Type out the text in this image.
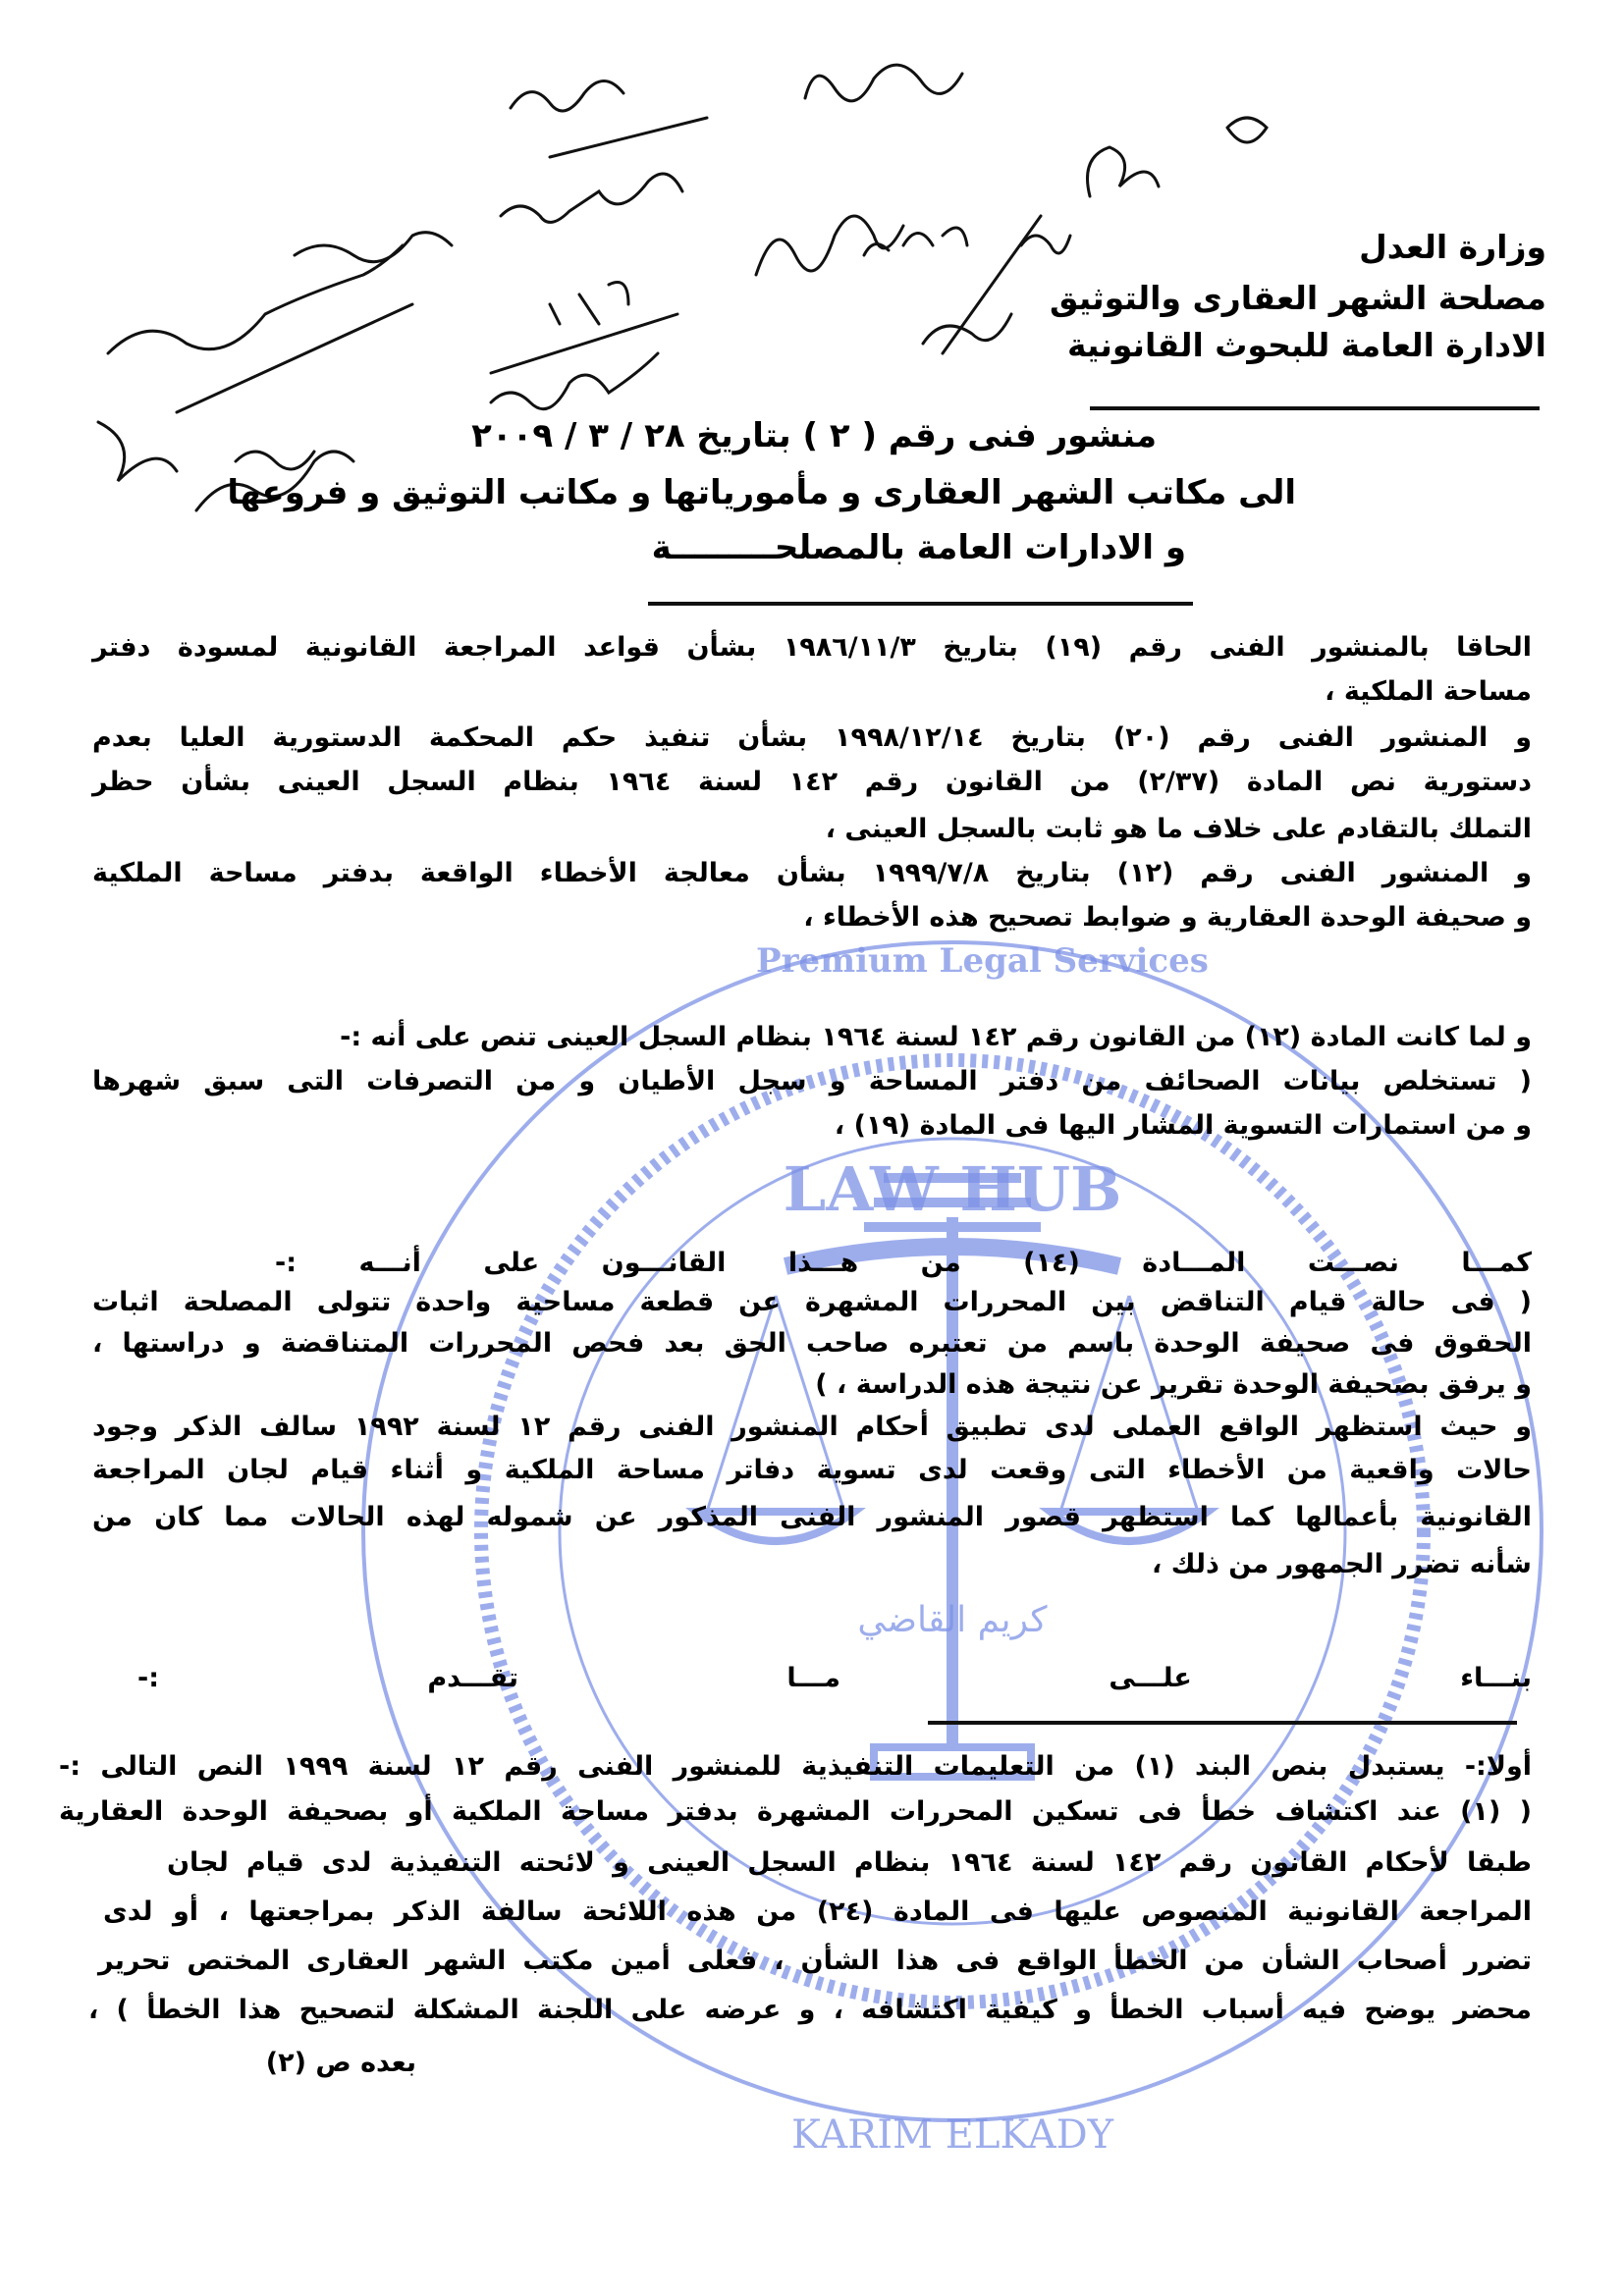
Premium Legal Services
LAW HUB
كريم القاضي
KARIM ELKADY
وزارة العدل
مصلحة الشهر العقارى والتوثيق
الادارة العامة للبحوث القانونية
منشور فنى رقم ( ٢ ) بتاريخ ٢٨ / ٣ / ٢٠٠٩
الى مكاتب الشهر العقارى و مأمورياتها و مكاتب التوثيق و فروعها
و الادارات العامة بالمصلحـــــــــة
الحاقا بالمنشور الفنى رقم (١٩) بتاريخ ١٩٨٦/١١/٣ بشأن قواعد المراجعة القانونية لمسودة دفتر
مساحة الملكية ،
و المنشور الفنى رقم (٢٠) بتاريخ ١٩٩٨/١٢/١٤ بشأن تنفيذ حكم المحكمة الدستورية العليا بعدم
دستورية نص المادة (٢/٣٧) من القانون رقم ١٤٢ لسنة ١٩٦٤ بنظام السجل العينى بشأن حظر
التملك بالتقادم على خلاف ما هو ثابت بالسجل العينى ،
و المنشور الفنى رقم (١٢) بتاريخ ١٩٩٩/٧/٨ بشأن معالجة الأخطاء الواقعة بدفتر مساحة الملكية
و صحيفة الوحدة العقارية و ضوابط تصحيح هذه الأخطاء ،
و لما كانت المادة (١٢) من القانون رقم ١٤٢ لسنة ١٩٦٤ بنظام السجل العينى تنص على أنه :-
( تستخلص بيانات الصحائف من دفتر المساحة و سجل الأطيان و من التصرفات التى سبق شهرها
و من استمارات التسوية المشار اليها فى المادة (١٩) ،
كمـــا نصـــت المـــادة (١٤) من هـــذا القانـــون على أنـــه :-
( فى حالة قيام التناقض بين المحررات المشهرة عن قطعة مساحية واحدة تتولى المصلحة اثبات
الحقوق فى صحيفة الوحدة باسم من تعتبره صاحب الحق بعد فحص المحررات المتناقضة و دراستها ،
و يرفق بصحيفة الوحدة تقرير عن نتيجة هذه الدراسة ، )
و حيث استظهر الواقع العملى لدى تطبيق أحكام المنشور الفنى رقم ١٢ لسنة ١٩٩٢ سالف الذكر وجود
حالات واقعية من الأخطاء التى وقعت لدى تسوية دفاتر مساحة الملكية و أثناء قيام لجان المراجعة
القانونية بأعمالها كما استظهر قصور المنشور الفنى المذكور عن شموله لهذه الحالات مما كان من
شأنه تضرر الجمهور من ذلك ،
بنـــاء علـــى مـــا تقـــدم :-
أولا:- يستبدل بنص البند (١) من التعليمات التنفيذية للمنشور الفنى رقم ١٢ لسنة ١٩٩٩ النص التالى :-
( (١) عند اكتشاف خطأ فى تسكين المحررات المشهرة بدفتر مساحة الملكية أو بصحيفة الوحدة العقارية
طبقا لأحكام القانون رقم ١٤٢ لسنة ١٩٦٤ بنظام السجل العينى و لائحته التنفيذية لدى قيام لجان
المراجعة القانونية المنصوص عليها فى المادة (٢٤) من هذه اللائحة سالفة الذكر بمراجعتها ، أو لدى
تضرر أصحاب الشأن من الخطأ الواقع فى هذا الشأن ، فعلى أمين مكتب الشهر العقارى المختص تحرير
محضر يوضح فيه أسباب الخطأ و كيفية اكتشافه ، و عرضه على اللجنة المشكلة لتصحيح هذا الخطأ ) ،
بعده ص (٢)
